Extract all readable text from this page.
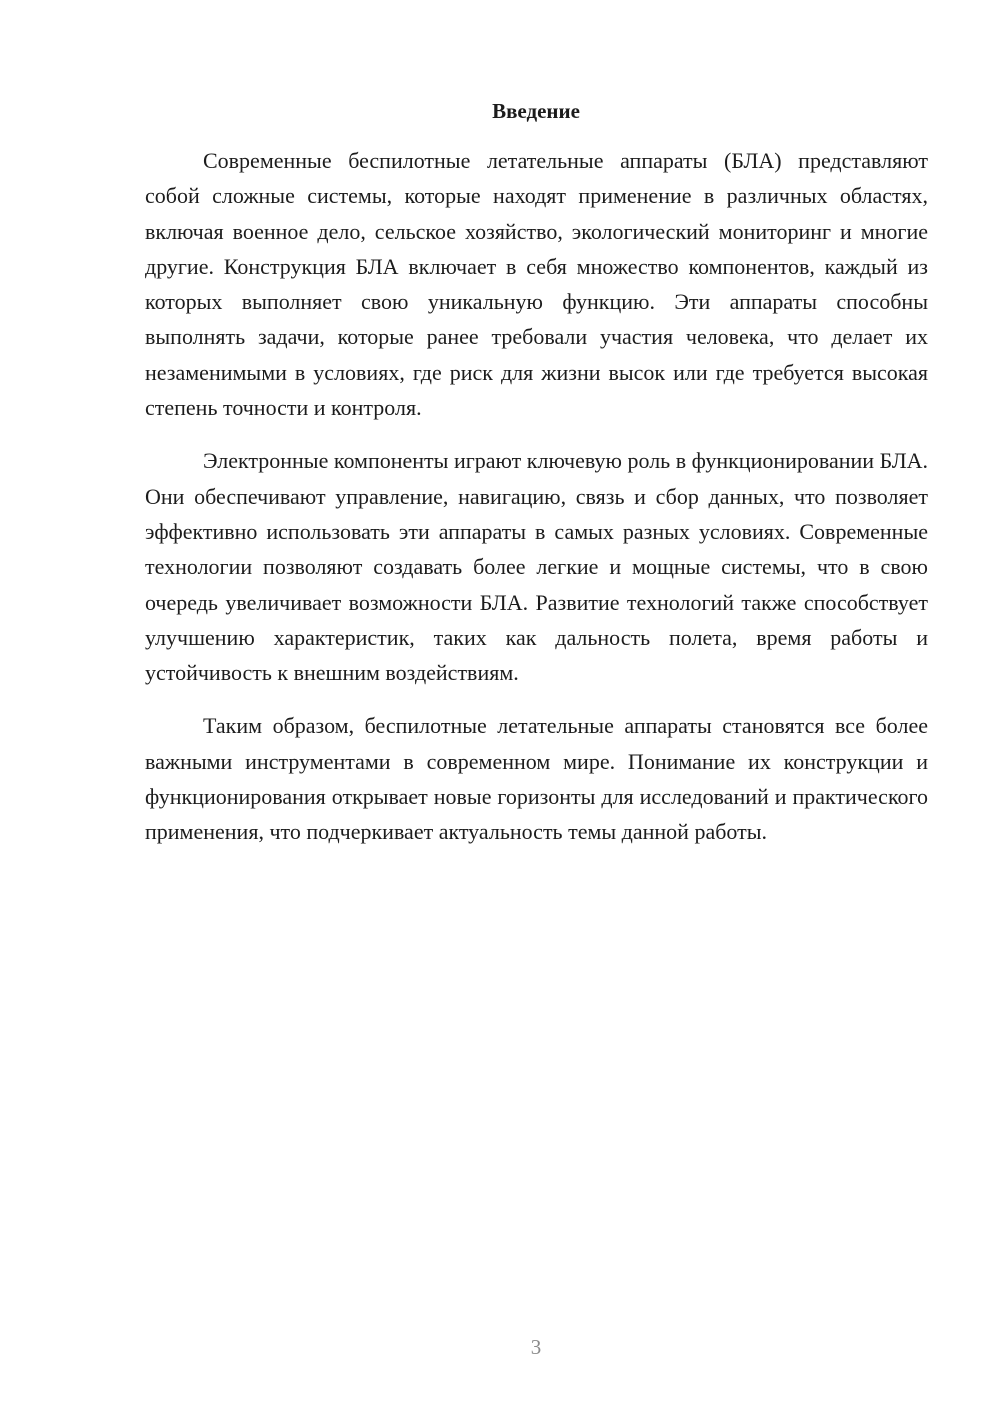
Введение

Современные беспилотные летательные аппараты (БЛА) представляют собой сложные системы, которые находят применение в различных областях, включая военное дело, сельское хозяйство, экологический мониторинг и многие другие. Конструкция БЛА включает в себя множество компонентов, каждый из которых выполняет свою уникальную функцию. Эти аппараты способны выполнять задачи, которые ранее требовали участия человека, что делает их незаменимыми в условиях, где риск для жизни высок или где требуется высокая степень точности и контроля.

Электронные компоненты играют ключевую роль в функционировании БЛА. Они обеспечивают управление, навигацию, связь и сбор данных, что позволяет эффективно использовать эти аппараты в самых разных условиях. Современные технологии позволяют создавать более легкие и мощные системы, что в свою очередь увеличивает возможности БЛА. Развитие технологий также способствует улучшению характеристик, таких как дальность полета, время работы и устойчивость к внешним воздействиям.

Таким образом, беспилотные летательные аппараты становятся все более важными инструментами в современном мире. Понимание их конструкции и функционирования открывает новые горизонты для исследований и практического применения, что подчеркивает актуальность темы данной работы.

3
